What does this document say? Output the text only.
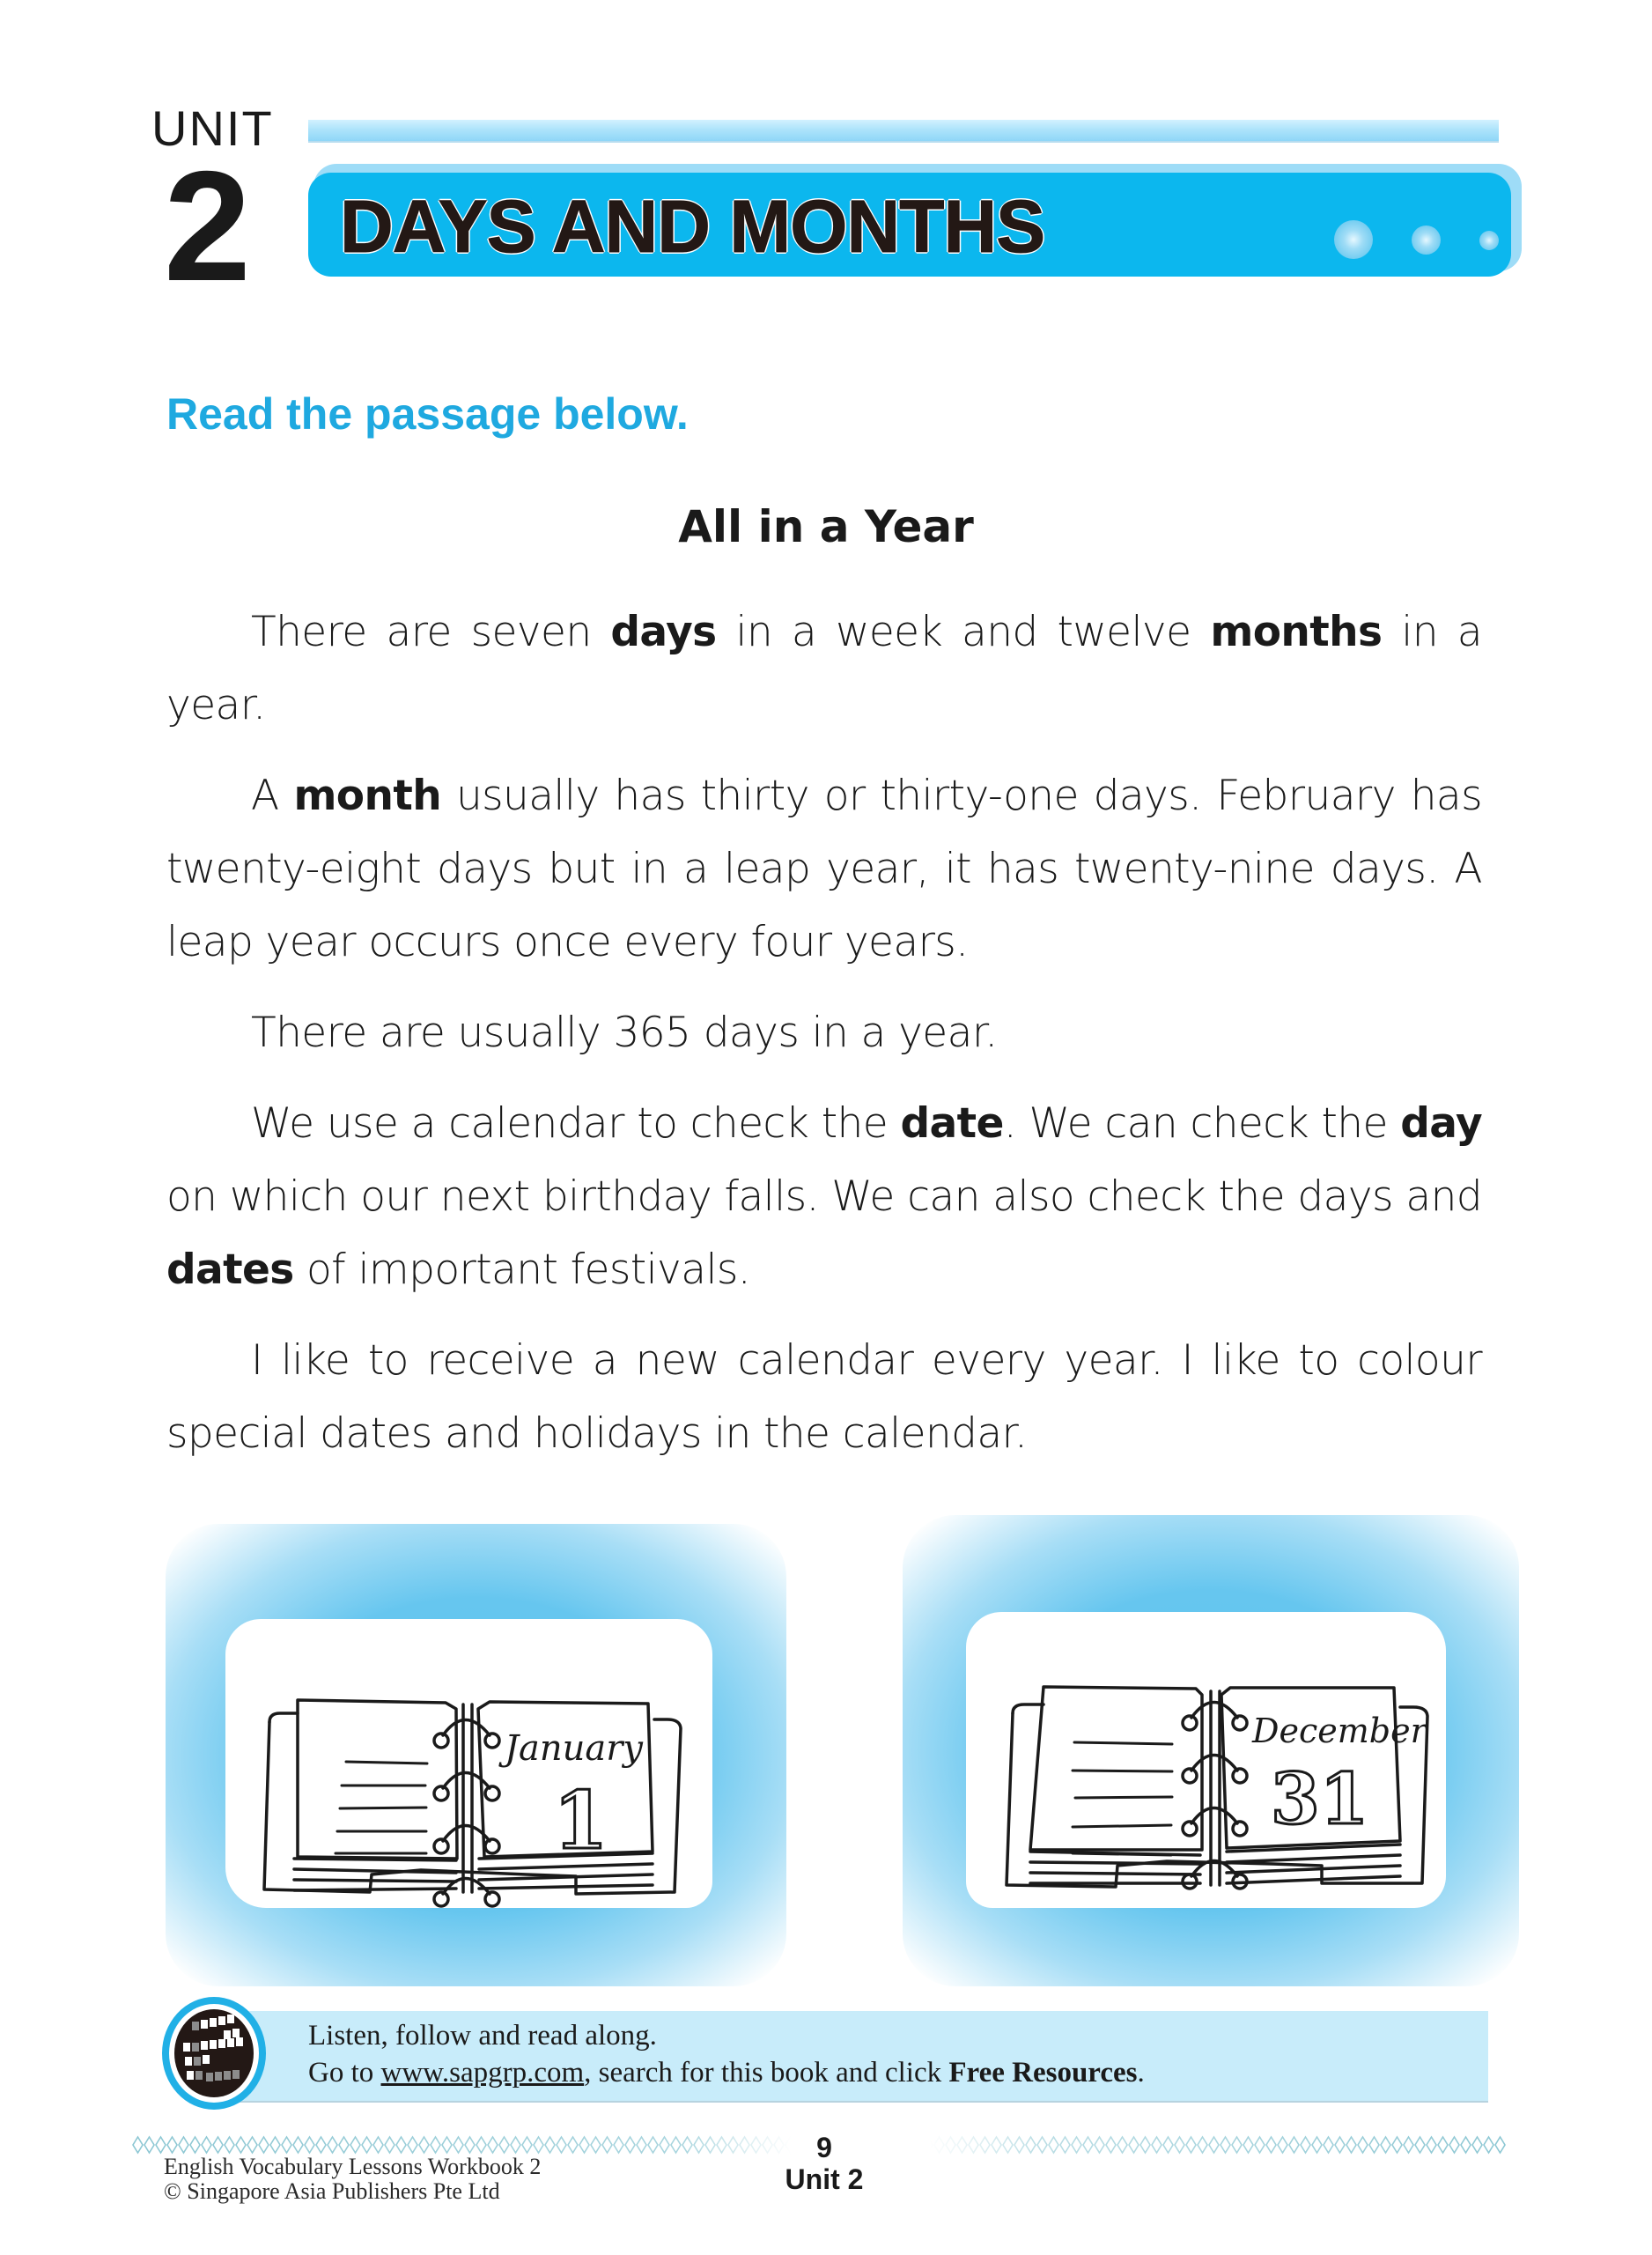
UNIT
2 DAYS AND MONTHS
Read the passage below.
All in a Year

There are seven days in a week and twelve months in a year.

A month usually has thirty or thirty-one days. February has twenty-eight days but in a leap year, it has twenty-nine days. A leap year occurs once every four years.

There are usually 365 days in a year.

We use a calendar to check the date. We can check the day on which our next birthday falls. We can also check the days and dates of important festivals.

I like to receive a new calendar every year. I like to colour special dates and holidays in the calendar.

January
1
December
31
Listen, follow and read along.
Go to www.sapgrp.com, search for this book and click Free Resources.
English Vocabulary Lessons Workbook 2
© Singapore Asia Publishers Pte Ltd
9
Unit 2
